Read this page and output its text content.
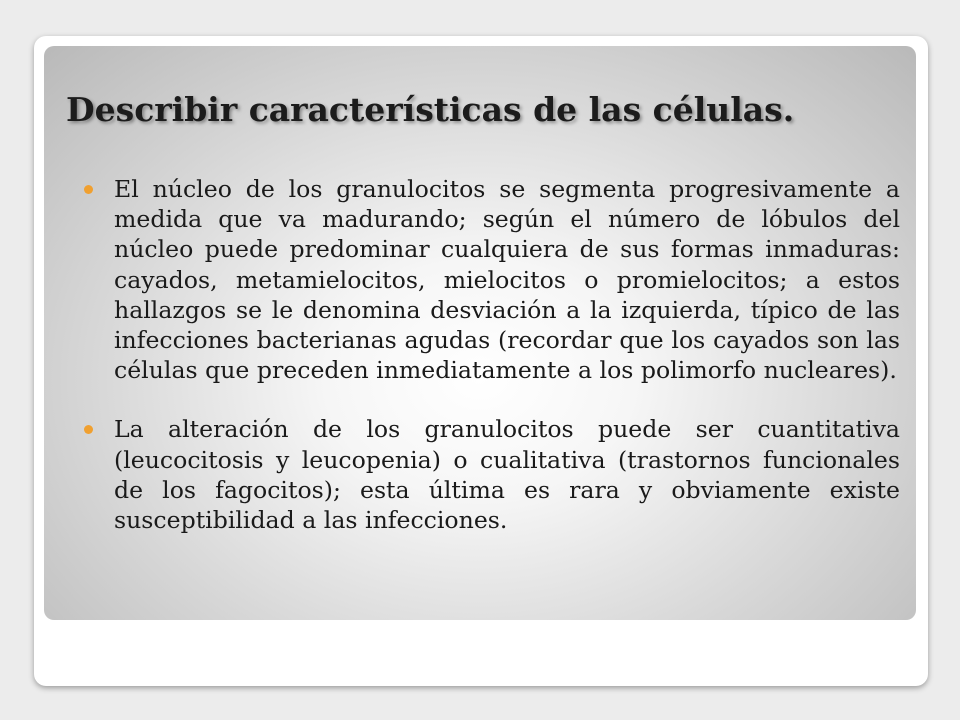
Describir características de las células.
El núcleo de los granulocitos se segmenta progresivamente a medida que va madurando; según el número de lóbulos del núcleo puede predominar cualquiera de sus formas inmaduras: cayados, metamielocitos, mielocitos o promielocitos; a estos hallazgos se le denomina desviación a la izquierda, típico de las infecciones bacterianas agudas (recordar que los cayados son las células que preceden inmediatamente a los polimorfo nucleares).
La alteración de los granulocitos puede ser cuantitativa (leucocitosis y leucopenia) o cualitativa (trastornos funcionales de los fagocitos); esta última es rara y obviamente existe susceptibilidad a las infecciones.
